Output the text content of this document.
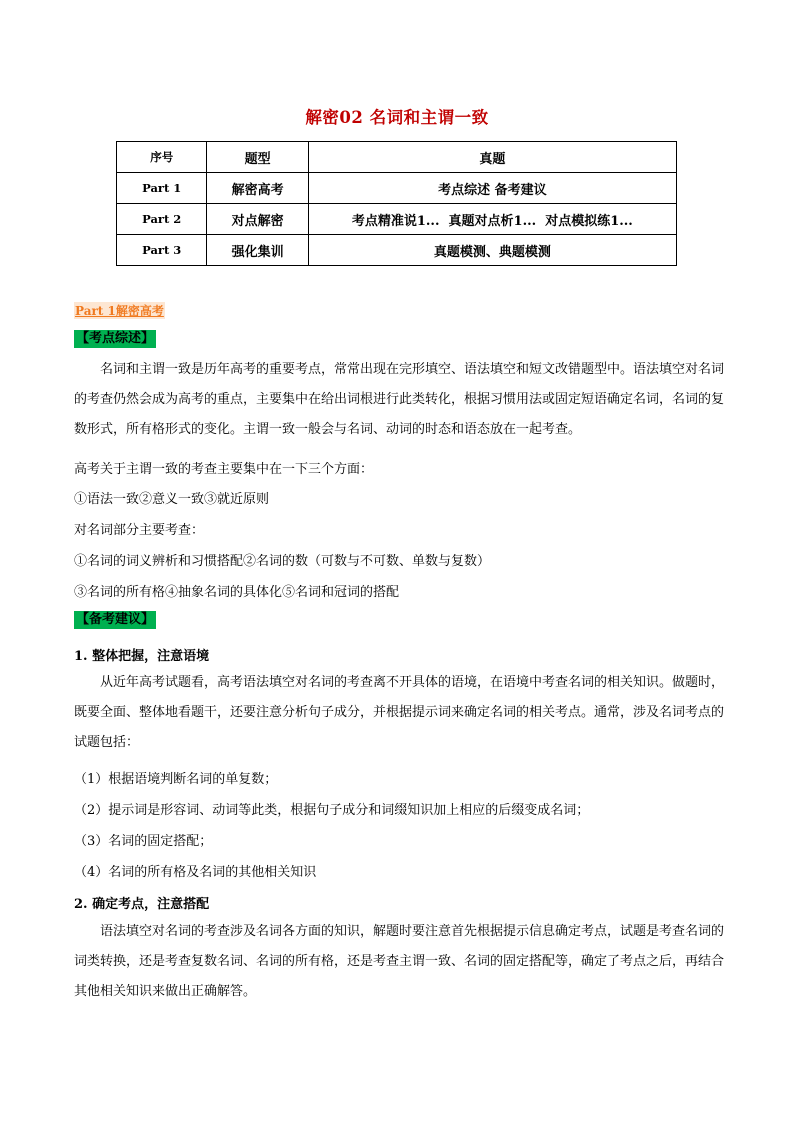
解密02 名词和主谓一致
序号	题型	真题
Part 1	解密高考	考点综述 备考建议
Part 2	对点解密	考点精准说1...  真题对点析1...  对点模拟练1...
Part 3	强化集训	真题模测、典题模测
Part 1解密高考
【考点综述】
名词和主谓一致是历年高考的重要考点，常常出现在完形填空、语法填空和短文改错题型中。语法填空对名词的考查仍然会成为高考的重点，主要集中在给出词根进行此类转化，根据习惯用法或固定短语确定名词，名词的复数形式，所有格形式的变化。主谓一致一般会与名词、动词的时态和语态放在一起考查。
高考关于主谓一致的考查主要集中在一下三个方面：
①语法一致②意义一致③就近原则
对名词部分主要考查：
①名词的词义辨析和习惯搭配②名词的数（可数与不可数、单数与复数）
③名词的所有格④抽象名词的具体化⑤名词和冠词的搭配
【备考建议】
1. 整体把握，注意语境
从近年高考试题看，高考语法填空对名词的考查离不开具体的语境，在语境中考查名词的相关知识。做题时，既要全面、整体地看题干，还要注意分析句子成分，并根据提示词来确定名词的相关考点。通常，涉及名词考点的试题包括：
（1）根据语境判断名词的单复数；
（2）提示词是形容词、动词等此类，根据句子成分和词缀知识加上相应的后缀变成名词；
（3）名词的固定搭配；
（4）名词的所有格及名词的其他相关知识
2. 确定考点，注意搭配
语法填空对名词的考查涉及名词各方面的知识，解题时要注意首先根据提示信息确定考点，试题是考查名词的词类转换，还是考查复数名词、名词的所有格，还是考查主谓一致、名词的固定搭配等，确定了考点之后，再结合其他相关知识来做出正确解答。
